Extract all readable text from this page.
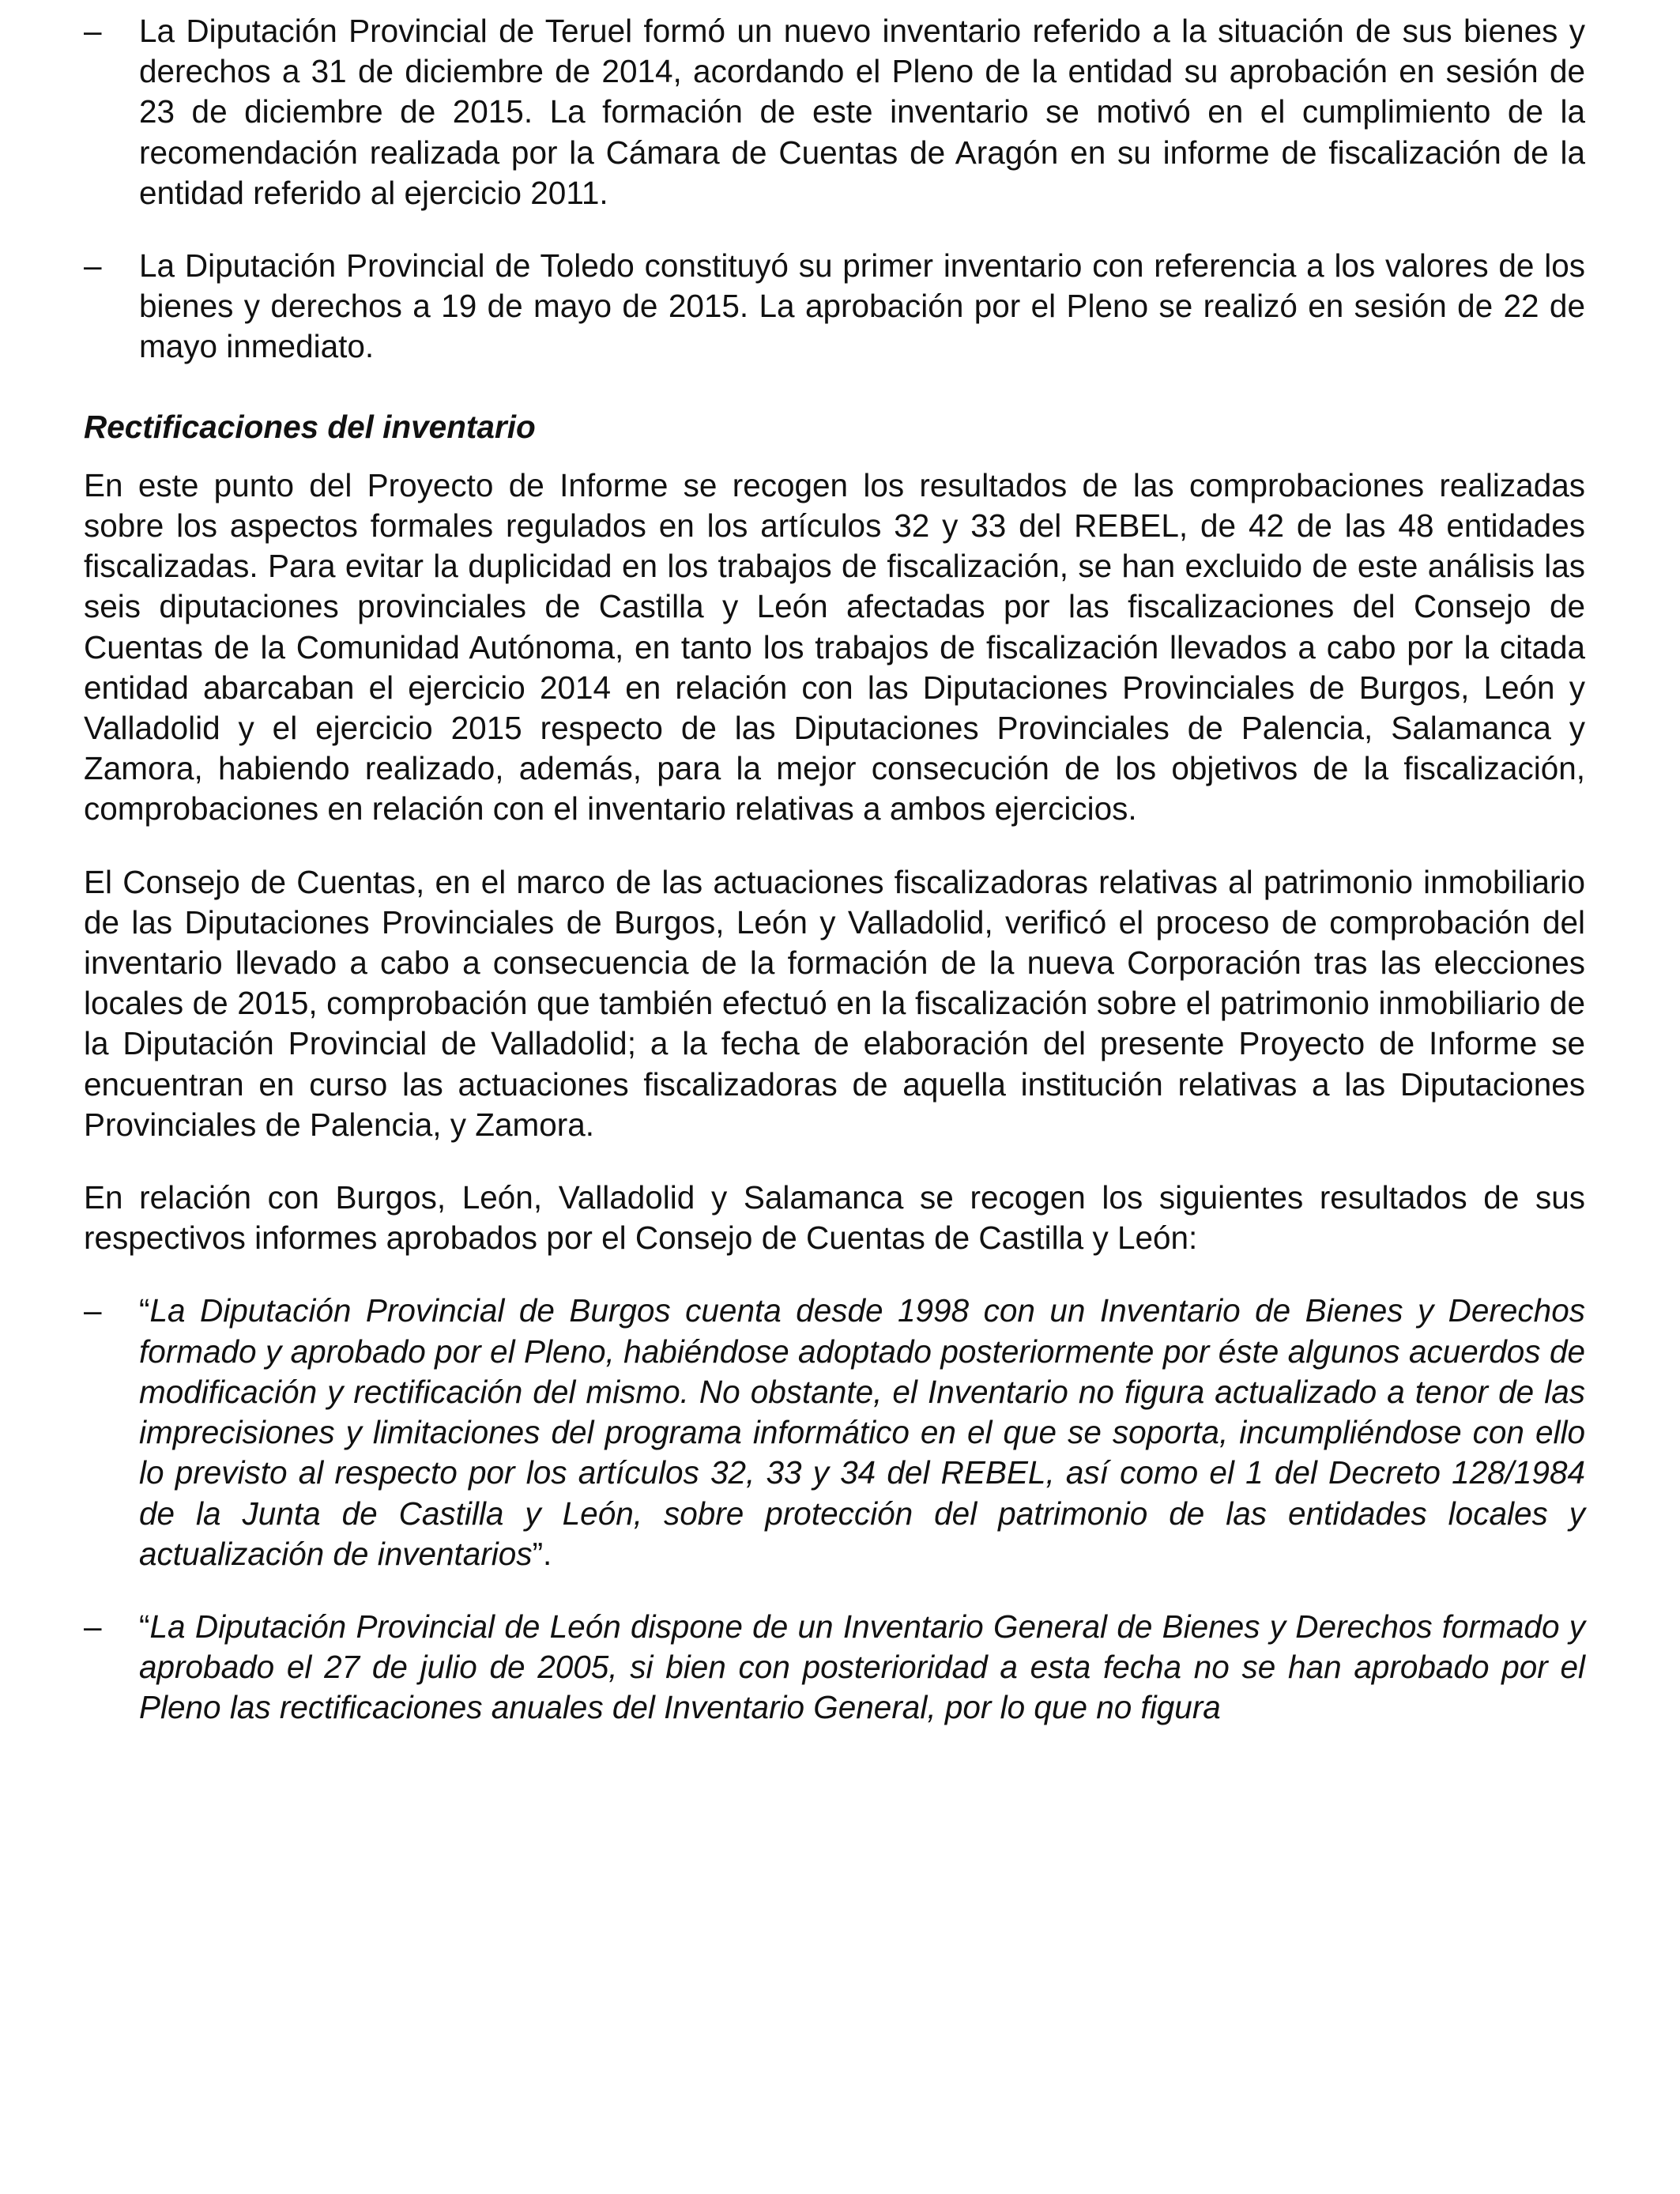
– La Diputación Provincial de Teruel formó un nuevo inventario referido a la situación de sus bienes y derechos a 31 de diciembre de 2014, acordando el Pleno de la entidad su aprobación en sesión de 23 de diciembre de 2015. La formación de este inventario se motivó en el cumplimiento de la recomendación realizada por la Cámara de Cuentas de Aragón en su informe de fiscalización de la entidad referido al ejercicio 2011.
– La Diputación Provincial de Toledo constituyó su primer inventario con referencia a los valores de los bienes y derechos a 19 de mayo de 2015. La aprobación por el Pleno se realizó en sesión de 22 de mayo inmediato.

Rectificaciones del inventario

En este punto del Proyecto de Informe se recogen los resultados de las comprobaciones realizadas sobre los aspectos formales regulados en los artículos 32 y 33 del REBEL, de 42 de las 48 entidades fiscalizadas. Para evitar la duplicidad en los trabajos de fiscalización, se han excluido de este análisis las seis diputaciones provinciales de Castilla y León afectadas por las fiscalizaciones del Consejo de Cuentas de la Comunidad Autónoma, en tanto los trabajos de fiscalización llevados a cabo por la citada entidad abarcaban el ejercicio 2014 en relación con las Diputaciones Provinciales de Burgos, León y Valladolid y el ejercicio 2015 respecto de las Diputaciones Provinciales de Palencia, Salamanca y Zamora, habiendo realizado, además, para la mejor consecución de los objetivos de la fiscalización, comprobaciones en relación con el inventario relativas a ambos ejercicios.

El Consejo de Cuentas, en el marco de las actuaciones fiscalizadoras relativas al patrimonio inmobiliario de las Diputaciones Provinciales de Burgos, León y Valladolid, verificó el proceso de comprobación del inventario llevado a cabo a consecuencia de la formación de la nueva Corporación tras las elecciones locales de 2015, comprobación que también efectuó en la fiscalización sobre el patrimonio inmobiliario de la Diputación Provincial de Valladolid; a la fecha de elaboración del presente Proyecto de Informe se encuentran en curso las actuaciones fiscalizadoras de aquella institución relativas a las Diputaciones Provinciales de Palencia, y Zamora.

En relación con Burgos, León, Valladolid y Salamanca se recogen los siguientes resultados de sus respectivos informes aprobados por el Consejo de Cuentas de Castilla y León:

– “La Diputación Provincial de Burgos cuenta desde 1998 con un Inventario de Bienes y Derechos formado y aprobado por el Pleno, habiéndose adoptado posteriormente por éste algunos acuerdos de modificación y rectificación del mismo. No obstante, el Inventario no figura actualizado a tenor de las imprecisiones y limitaciones del programa informático en el que se soporta, incumpliéndose con ello lo previsto al respecto por los artículos 32, 33 y 34 del REBEL, así como el 1 del Decreto 128/1984 de la Junta de Castilla y León, sobre protección del patrimonio de las entidades locales y actualización de inventarios”.
– “La Diputación Provincial de León dispone de un Inventario General de Bienes y Derechos formado y aprobado el 27 de julio de 2005, si bien con posterioridad a esta fecha no se han aprobado por el Pleno las rectificaciones anuales del Inventario General, por lo que no figura
